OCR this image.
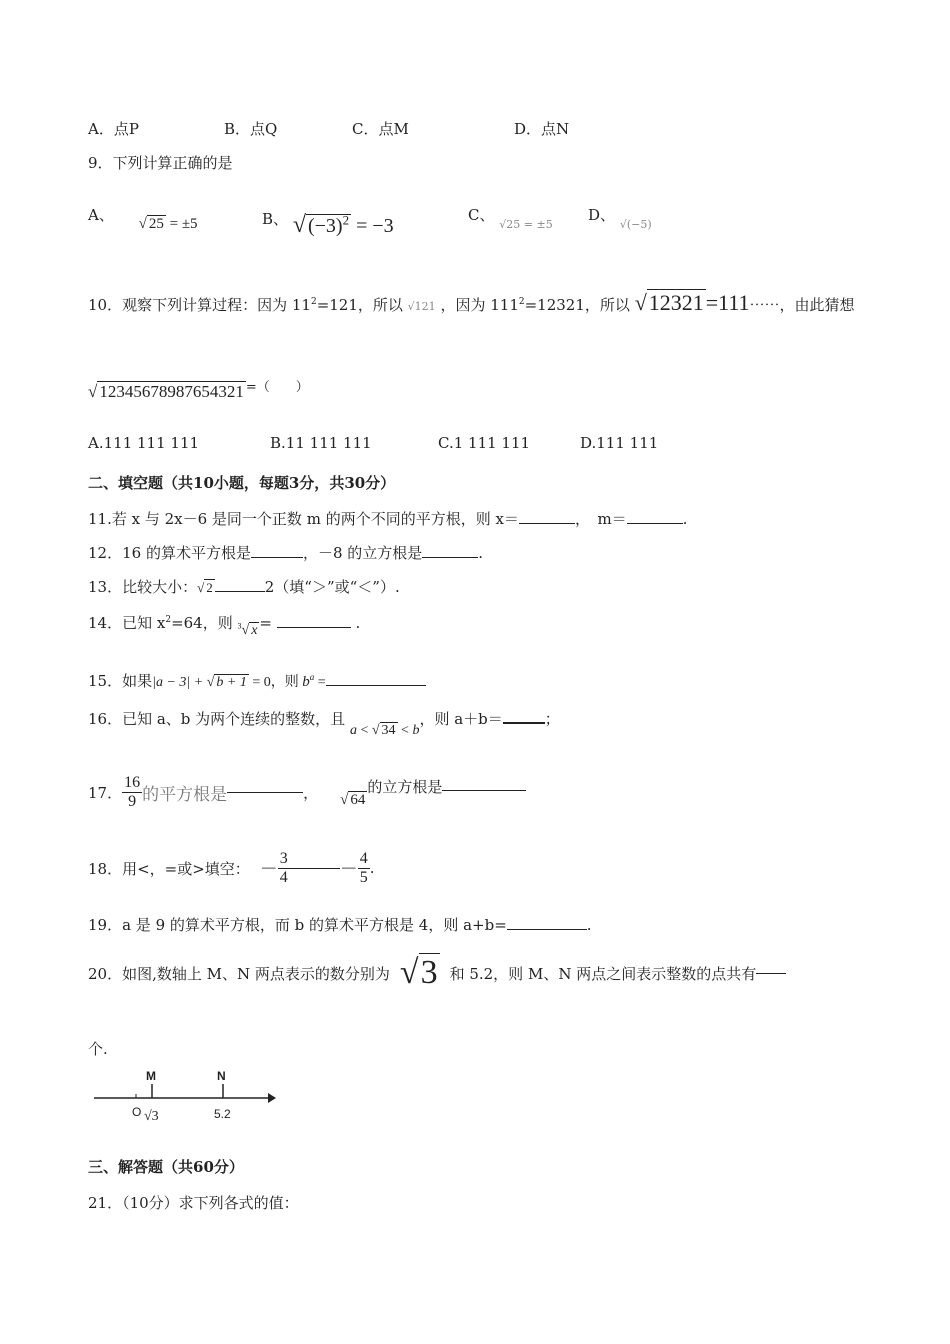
A．点P	B．点Q	C．点M	D．点N
9．下列计算正确的是
A、 √ 25 = ±5	B、 √ $(-3)^2 = -3$	C、 $_{√25 = \pm 5}$
D、 $_{√(-5)}$
10．观察下列计算过程：因为 $11^2=121$，所以 √121 ，因为 $111^2=12321$，所以 √12321=111⋯⋯，由此猜想
√ 12345678987654321 =（　　）
A.111 111 111	B.11 111 111	C.1 111 111	D.111 111
二、填空题（共10小题，每题3分，共30分）
11.若 x 与 2x－6 是同一个正数 m 的两个不同的平方根，则 x＝	，　m＝	.
12．16 的算术平方根是	，－8 的立方根是	.
13．比较大小：√ 2	2（填“＞”或“＜”）.
14．已知 $x^2=64$，则 $^3$√ x =	.
15．如果|a − 3| + √ b + 1 = 0，则 $b^a$ =
16．已知 a、b 为两个连续的整数，且 a < √ 34 < b，则 a＋b＝	；
17． $\frac{16}{9}$ 的平方根是	， √ 64
的立方根是
18．用<，=或>填空： － $\frac{3}{4}$	－ $\frac{4}{5}$ .
19．a 是 9 的算术平方根，而 b 的算术平方根是 4，则 a+b=	.
20．如图,数轴上 M、N 两点表示的数分别为 √3 和 5.2，则 M、N 两点之间表示整数的点共有
个.
M	N
O √3	5.2
三、解答题（共60分）
21．（10分）求下列各式的值：
